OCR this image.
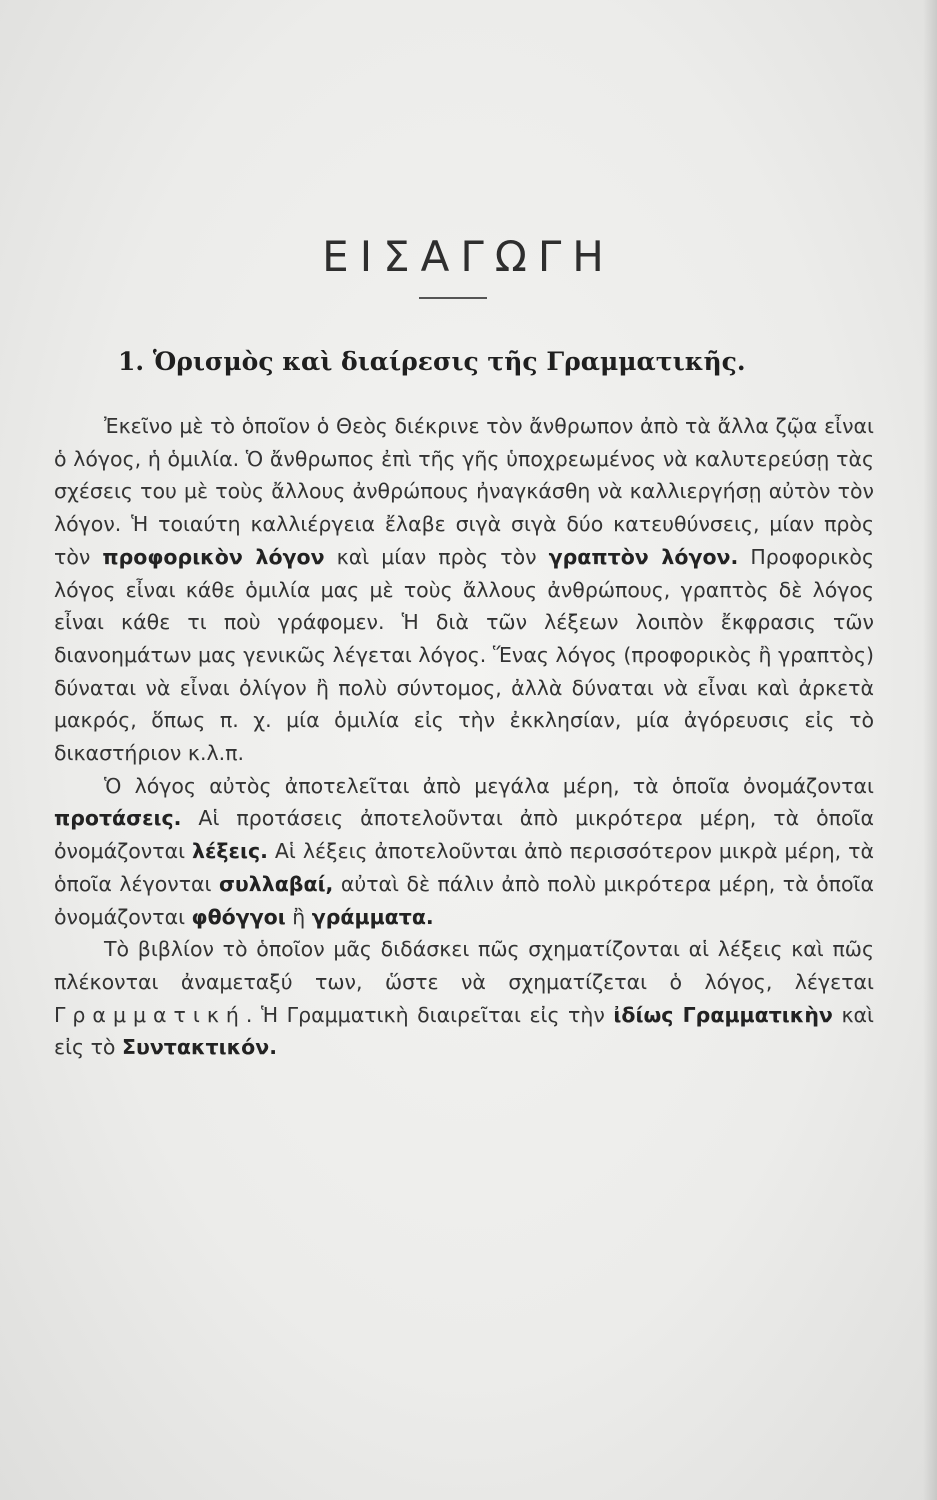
ΕΙΣΑΓΩΓΗ
1. Ὁρισμὸς καὶ διαίρεσις τῆς Γραμματικῆς.

Ἐκεῖνο μὲ τὸ ὁποῖον ὁ Θεὸς διέκρινε τὸν ἄνθρωπον ἀπὸ τὰ ἄλλα ζῷα εἶναι ὁ λόγος, ἡ ὁμιλία. Ὁ ἄνθρωπος ἐπὶ τῆς γῆς ὑποχρεωμένος νὰ καλυτερεύσῃ τὰς σχέσεις του μὲ τοὺς ἄλλους ἀνθρώπους ἠναγκάσθη νὰ καλλιεργήσῃ αὐτὸν τὸν λόγον. Ἡ τοιαύτη καλλιέργεια ἔλαβε σιγὰ σιγὰ δύο κατευθύνσεις, μίαν πρὸς τὸν προφορικὸν λόγον καὶ μίαν πρὸς τὸν γραπτὸν λόγον. Προφορικὸς λόγος εἶναι κάθε ὁμιλία μας μὲ τοὺς ἄλλους ἀνθρώπους, γραπτὸς δὲ λόγος εἶναι κάθε τι ποὺ γράφομεν. Ἡ διὰ τῶν λέξεων λοιπὸν ἔκφρασις τῶν διανοημάτων μας γενικῶς λέγεται λόγος. Ἕνας λόγος (προφορικὸς ἢ γραπτὸς) δύναται νὰ εἶναι ὀλίγον ἢ πολὺ σύντομος, ἀλλὰ δύναται νὰ εἶναι καὶ ἀρκετὰ μακρός, ὅπως π. χ. μία ὁμιλία εἰς τὴν ἐκκλησίαν, μία ἀγόρευσις εἰς τὸ δικαστήριον κ.λ.π.

Ὁ λόγος αὐτὸς ἀποτελεῖται ἀπὸ μεγάλα μέρη, τὰ ὁποῖα ὀνομάζονται προτάσεις. Αἱ προτάσεις ἀποτελοῦνται ἀπὸ μικρότερα μέρη, τὰ ὁποῖα ὀνομάζονται λέξεις. Αἱ λέξεις ἀποτελοῦνται ἀπὸ περισσότερον μικρὰ μέρη, τὰ ὁποῖα λέγονται συλλαβαί, αὐταὶ δὲ πάλιν ἀπὸ πολὺ μικρότερα μέρη, τὰ ὁποῖα ὀνομάζονται φθόγγοι ἢ γράμματα.

Τὸ βιβλίον τὸ ὁποῖον μᾶς διδάσκει πῶς σχηματίζονται αἱ λέξεις καὶ πῶς πλέκονται ἀναμεταξύ των, ὥστε νὰ σχηματίζεται ὁ λόγος, λέγεται Γραμματική. Ἡ Γραμματικὴ διαιρεῖται εἰς τὴν ἰδίως Γραμματικὴν καὶ εἰς τὸ Συντακτικόν.
